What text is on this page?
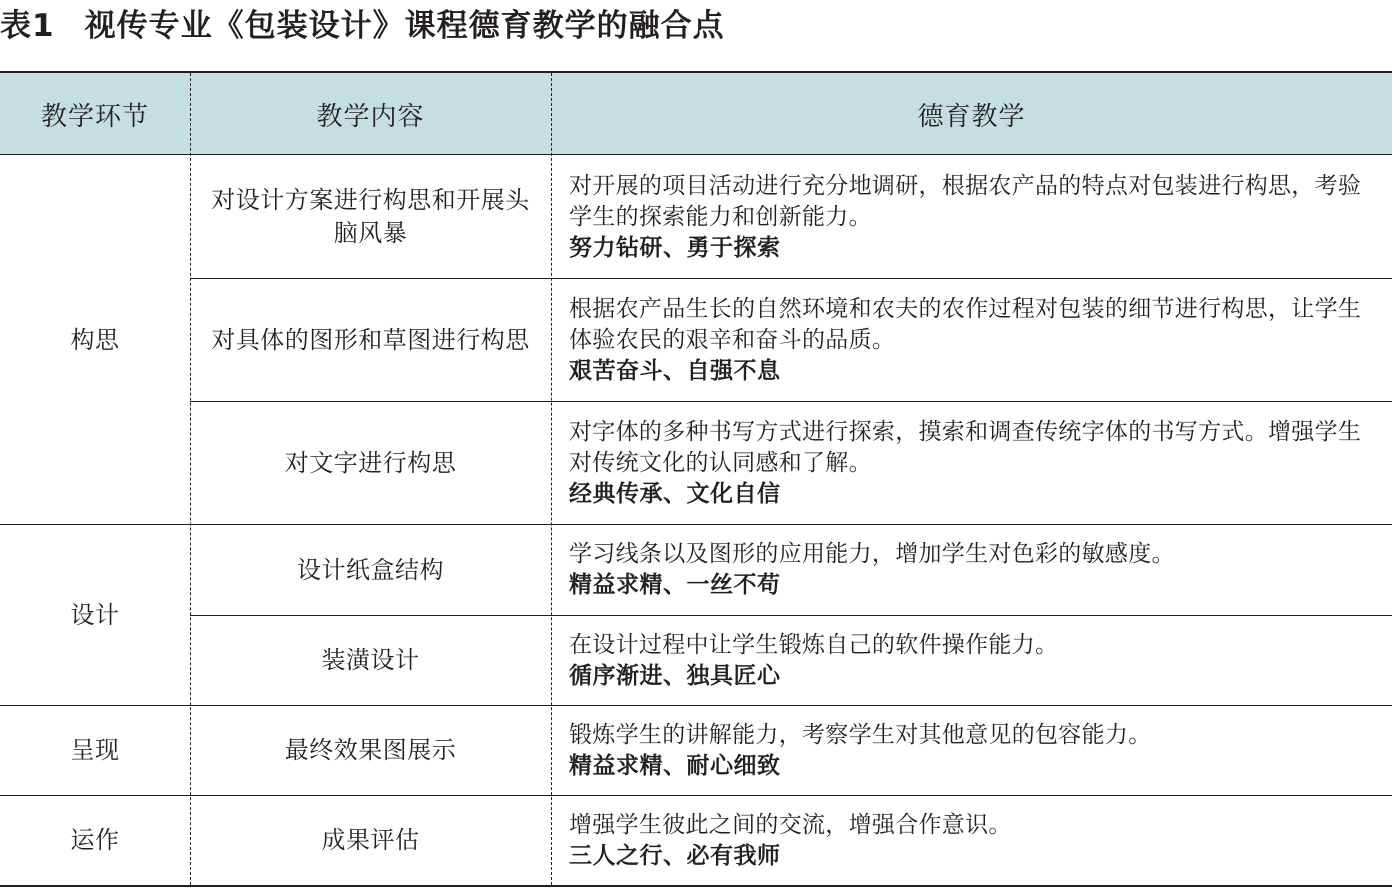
表1 视传专业《包装设计》课程德育教学的融合点
教学环节	教学内容	德育教学
构思
设计
呈现
运作
对设计方案进行构思和开展头脑风暴
对具体的图形和草图进行构思
对文字进行构思
设计纸盒结构
装潢设计
最终效果图展示
成果评估
对开展的项目活动进行充分地调研，根据农产品的特点对包装进行构思，考验学生的探索能力和创新能力。
努力钻研、勇于探索
根据农产品生长的自然环境和农夫的农作过程对包装的细节进行构思，让学生体验农民的艰辛和奋斗的品质。
艰苦奋斗、自强不息
对字体的多种书写方式进行探索，摸索和调查传统字体的书写方式。增强学生对传统文化的认同感和了解。
经典传承、文化自信
学习线条以及图形的应用能力，增加学生对色彩的敏感度。
精益求精、一丝不苟
在设计过程中让学生锻炼自己的软件操作能力。
循序渐进、独具匠心
锻炼学生的讲解能力，考察学生对其他意见的包容能力。
精益求精、耐心细致
增强学生彼此之间的交流，增强合作意识。
三人之行、必有我师
